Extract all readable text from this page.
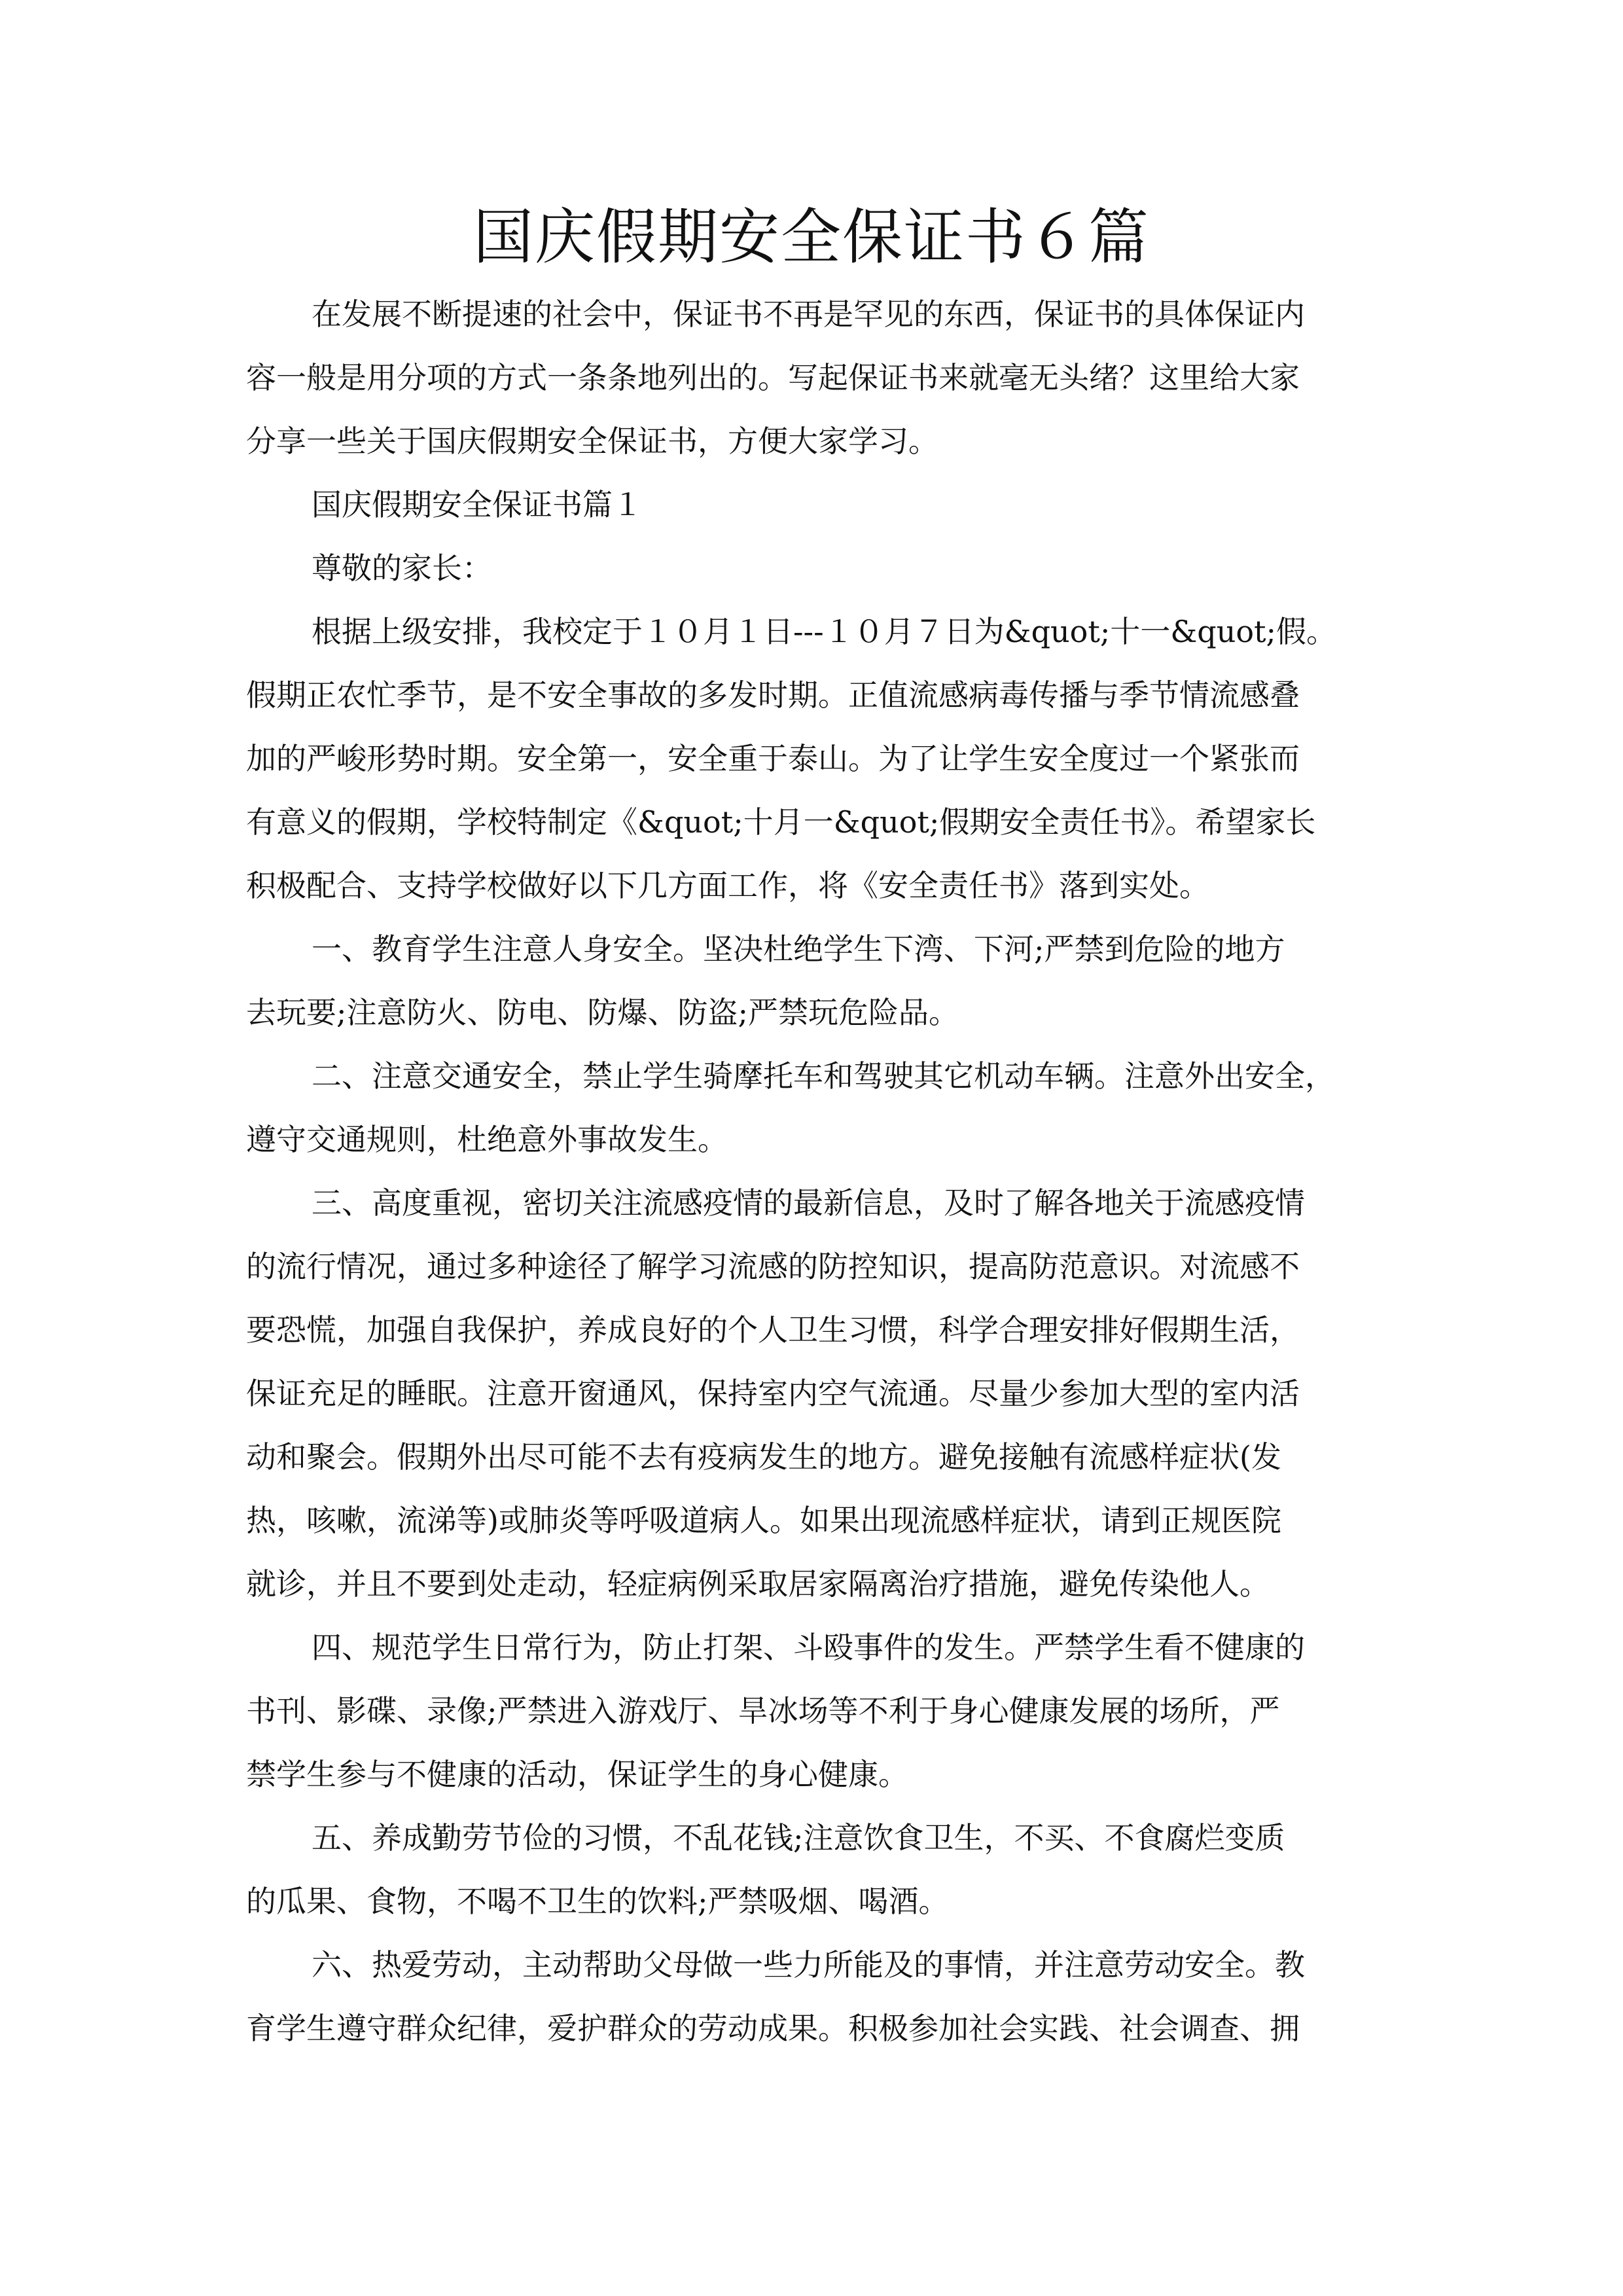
国庆假期安全保证书６篇
在发展不断提速的社会中，保证书不再是罕见的东西，保证书的具体保证内
容一般是用分项的方式一条条地列出的。写起保证书来就毫无头绪？这里给大家
分享一些关于国庆假期安全保证书，方便大家学习。
国庆假期安全保证书篇１
尊敬的家长：
根据上级安排，我校定于１０月１日---１０月７日为&quot;十一&quot;假。
假期正农忙季节，是不安全事故的多发时期。正值流感病毒传播与季节情流感叠
加的严峻形势时期。安全第一，安全重于泰山。为了让学生安全度过一个紧张而
有意义的假期，学校特制定《&quot;十月一&quot;假期安全责任书》。希望家长
积极配合、支持学校做好以下几方面工作，将《安全责任书》落到实处。
一、教育学生注意人身安全。坚决杜绝学生下湾、下河;严禁到危险的地方
去玩要;注意防火、防电、防爆、防盗;严禁玩危险品。
二、注意交通安全，禁止学生骑摩托车和驾驶其它机动车辆。注意外出安全，
遵守交通规则，杜绝意外事故发生。
三、高度重视，密切关注流感疫情的最新信息，及时了解各地关于流感疫情
的流行情况，通过多种途径了解学习流感的防控知识，提高防范意识。对流感不
要恐慌，加强自我保护，养成良好的个人卫生习惯，科学合理安排好假期生活，
保证充足的睡眠。注意开窗通风，保持室内空气流通。尽量少参加大型的室内活
动和聚会。假期外出尽可能不去有疫病发生的地方。避免接触有流感样症状(发
热，咳嗽，流涕等)或肺炎等呼吸道病人。如果出现流感样症状，请到正规医院
就诊，并且不要到处走动，轻症病例采取居家隔离治疗措施，避免传染他人。
四、规范学生日常行为，防止打架、斗殴事件的发生。严禁学生看不健康的
书刊、影碟、录像;严禁进入游戏厅、旱冰场等不利于身心健康发展的场所，严
禁学生参与不健康的活动，保证学生的身心健康。
五、养成勤劳节俭的习惯，不乱花钱;注意饮食卫生，不买、不食腐烂变质
的瓜果、食物，不喝不卫生的饮料;严禁吸烟、喝酒。
六、热爱劳动，主动帮助父母做一些力所能及的事情，并注意劳动安全。教
育学生遵守群众纪律，爱护群众的劳动成果。积极参加社会实践、社会调查、拥
